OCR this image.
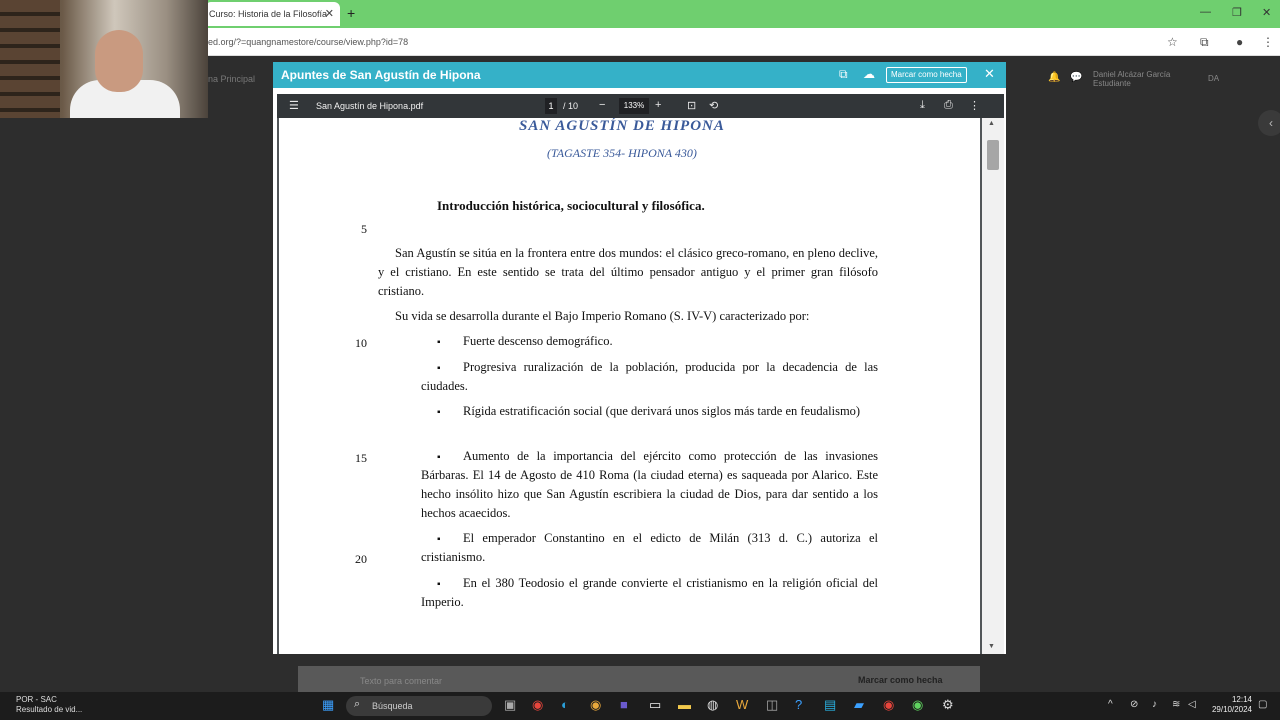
Curso: Historia de la Filosofía
✕ +	— ❐ ✕
ed.org/?=quangnamestore/course/view.php?id=78	☆ ⧉ ● ⋮
na Principal	🔔 💬 Daniel Alcázar García
Estudiante
DA
‹
Texto para comentar	Marcar como hecha
Apuntes de San Agustín de Hipona	⧉ ☁	Marcar como hecha	✕
☰ San Agustín de Hipona.pdf	1	/ 10 −	133% + ⊡ ⟲	⤓ ⎙ ⋮
SAN AGUSTÍN DE HIPONA
(TAGASTE 354- HIPONA 430)
Introducción histórica, sociocultural y filosófica.
5
10
15
20
San Agustín se sitúa en la frontera entre dos mundos: el clásico greco-romano, en pleno declive, y el cristiano. En este sentido se trata del último pensador antiguo y el primer gran filósofo cristiano.
Su vida se desarrolla durante el Bajo Imperio Romano (S. IV-V) caracterizado por:
▪	Fuerte descenso demográfico.
▪	Progresiva ruralización de la población, producida por la decadencia de las ciudades.
▪	Rígida estratificación social (que derivará unos siglos más tarde en feudalismo)
▪	Aumento de la importancia del ejército como protección de las invasiones Bárbaras. El 14 de Agosto de 410 Roma (la ciudad eterna) es saqueada por Alarico. Este hecho insólito hizo que San Agustín escribiera la ciudad de Dios, para dar sentido a los hechos acaecidos.
▪	El emperador Constantino en el edicto de Milán (313 d. C.) autoriza el cristianismo.
▪	En el 380 Teodosio el grande convierte el cristianismo en la religión oficial del Imperio.
▲
▼
POR - SAC
Resultado de vid...	▦	Búsqueda
⌕	▣ ◉ ◐ ◉ ■ ▭ ▬ ◍ W ◫ ? ▤ ▰ ◉ ◉ ⚙	^ ⊘ ♪ ≋ ◁	12:14
29/10/2024 ▢
